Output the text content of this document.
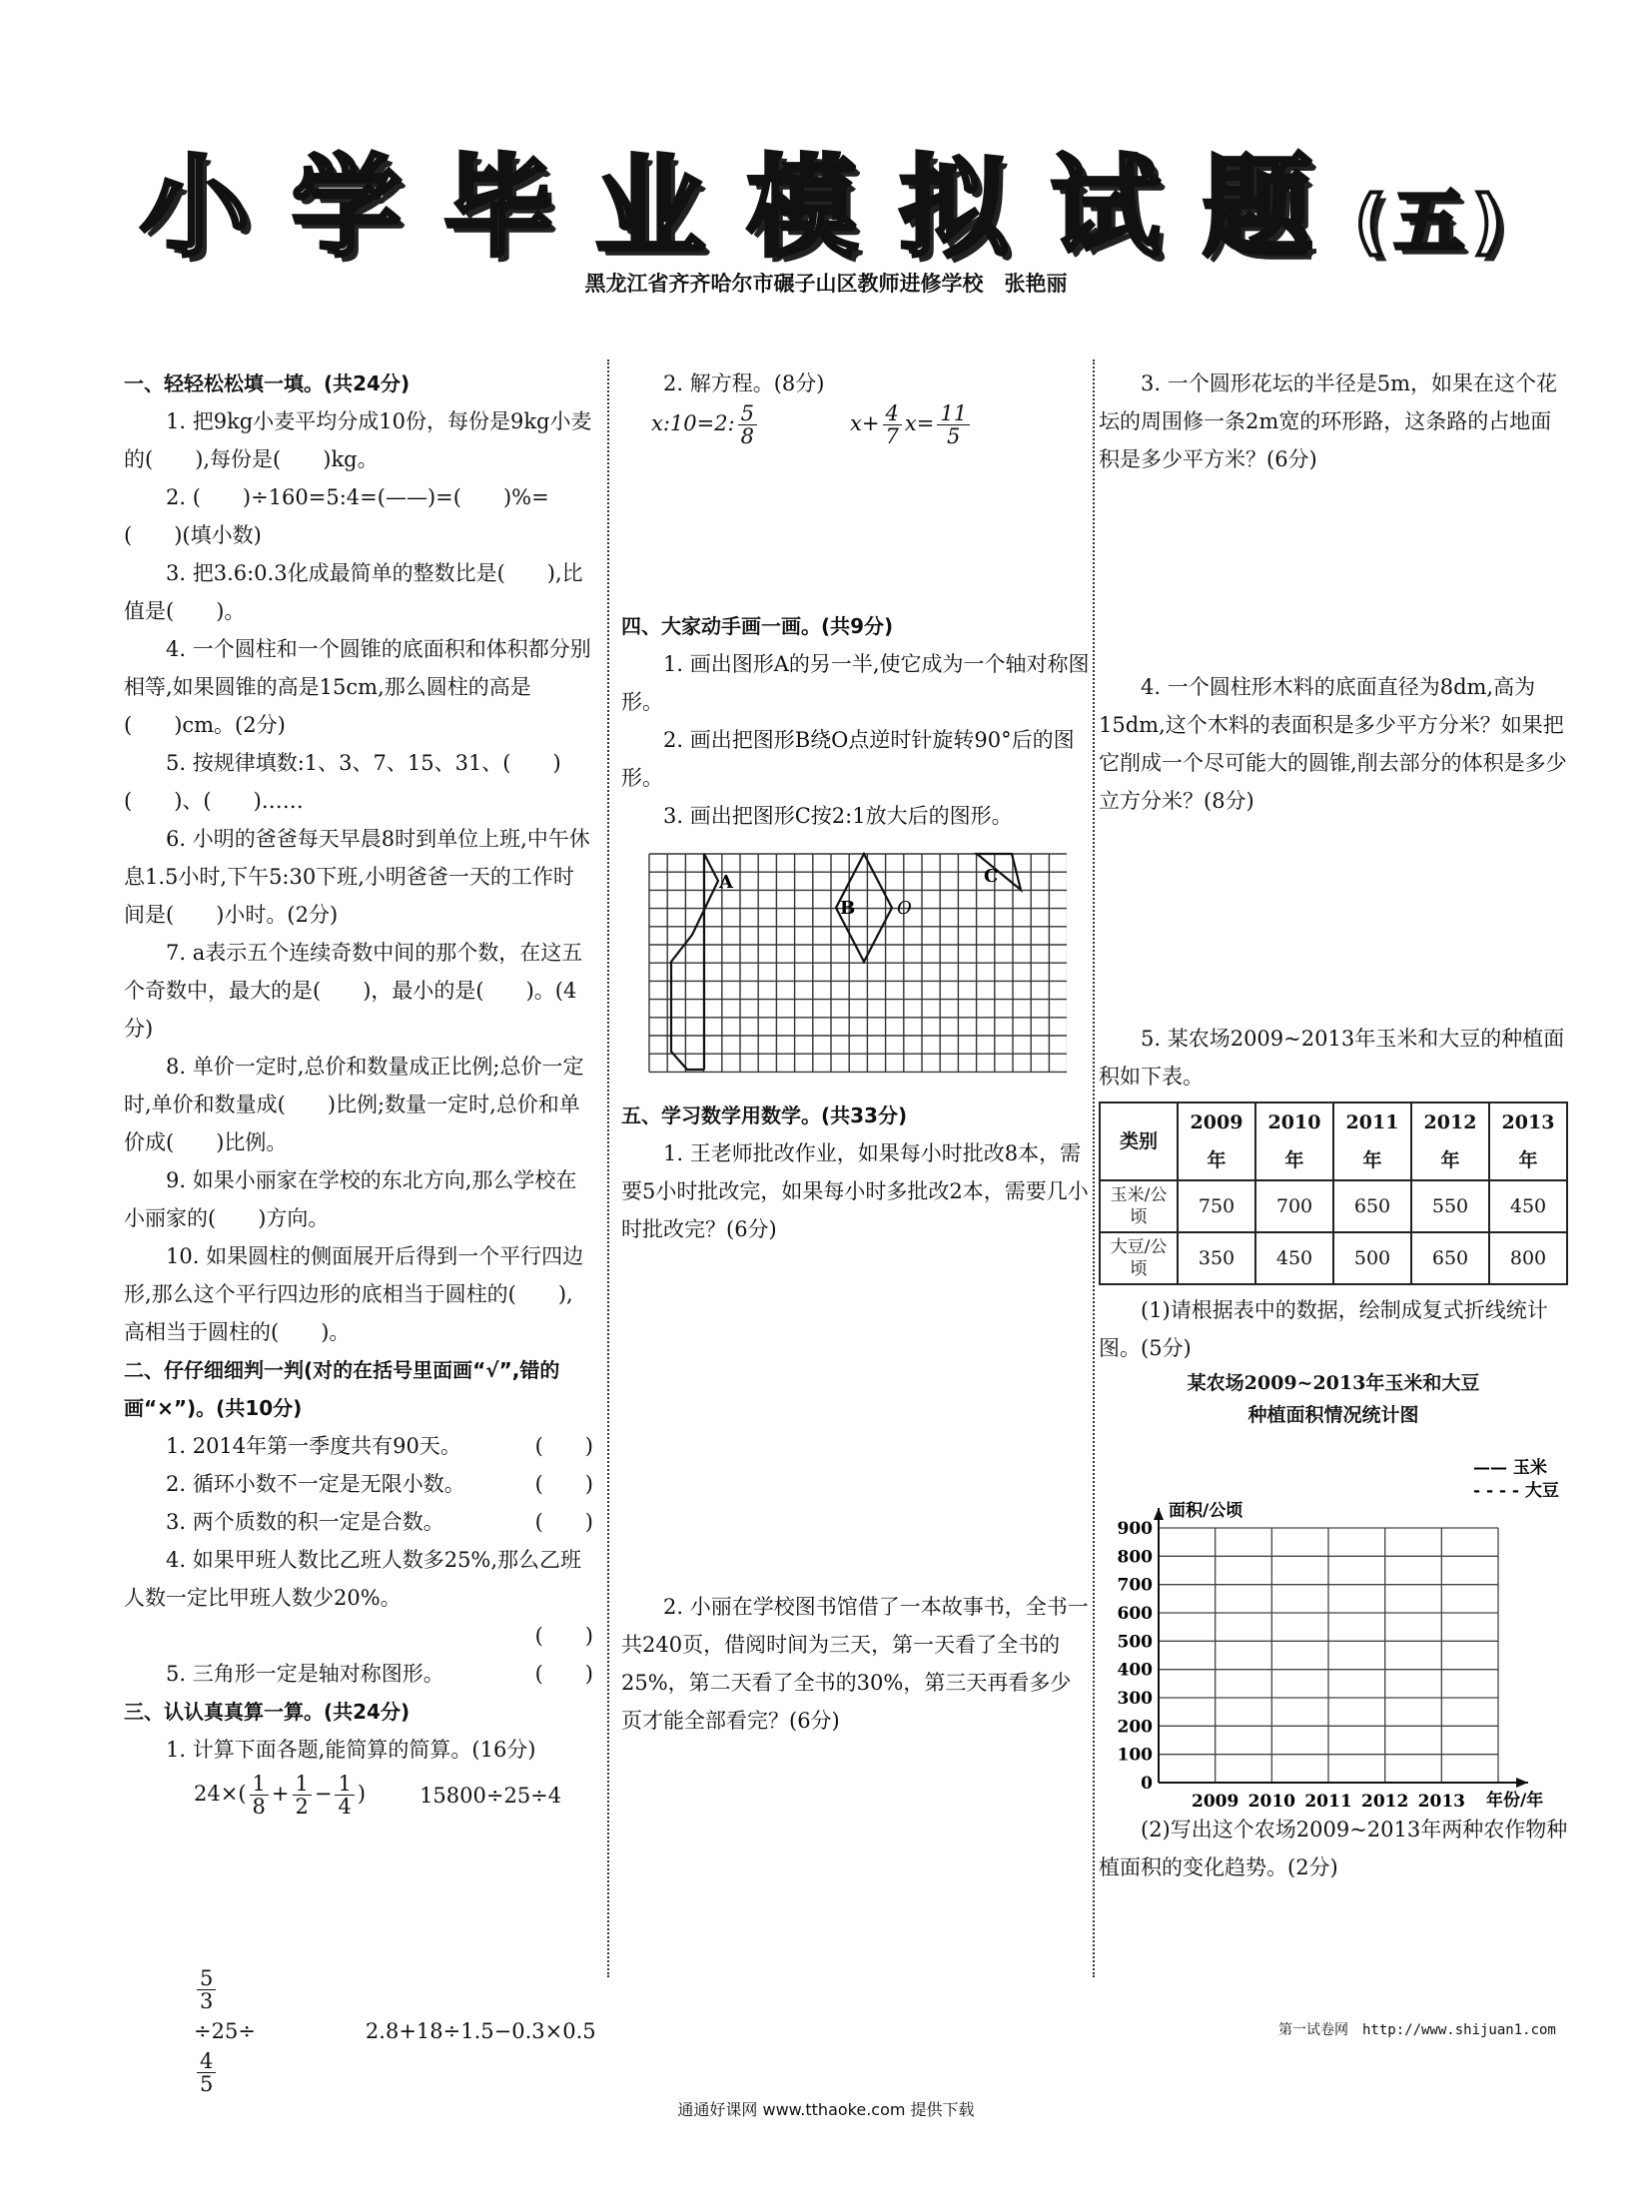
小学毕业模拟试题(五)
黑龙江省齐齐哈尔市碾子山区教师进修学校　张艳丽
一、轻轻松松填一填。(共24分)

1. 把9kg小麦平均分成10份，每份是9kg小麦的(　　),每份是(　　)kg。

2. (　　)÷160=5:4=(——)=(　　)%=(　　)(填小数)

3. 把3.6:0.3化成最简单的整数比是(　　),比值是(　　)。

4. 一个圆柱和一个圆锥的底面积和体积都分别相等,如果圆锥的高是15cm,那么圆柱的高是(　　)cm。(2分)

5. 按规律填数:1、3、7、15、31、(　　)(　　)、(　　)……

6. 小明的爸爸每天早晨8时到单位上班,中午休息1.5小时,下午5:30下班,小明爸爸一天的工作时间是(　　)小时。(2分)

7. a表示五个连续奇数中间的那个数，在这五个奇数中，最大的是(　　)，最小的是(　　)。(4分)

8. 单价一定时,总价和数量成正比例;总价一定时,单价和数量成(　　)比例;数量一定时,总价和单价成(　　)比例。

9. 如果小丽家在学校的东北方向,那么学校在小丽家的(　　)方向。

10. 如果圆柱的侧面展开后得到一个平行四边形,那么这个平行四边形的底相当于圆柱的(　　),高相当于圆柱的(　　)。

二、仔仔细细判一判(对的在括号里面画“√”,错的画“×”)。(共10分)
1. 2014年第一季度共有90天。	(　　)
2. 循环小数不一定是无限小数。	(　　)
3. 两个质数的积一定是合数。	(　　)

4. 如果甲班人数比乙班人数多25%,那么乙班人数一定比甲班人数少20%。

(　　)
5. 三角形一定是轴对称图形。	(　　)
三、认认真真算一算。(共24分)

1. 计算下面各题,能简算的简算。(16分)

$24\times( \frac{1}{8} + \frac{1}{2} - \frac{1}{4}$ )	15800÷25÷4
$\frac{5}{3}$
÷25÷
$\frac{4}{5}$
2.8+18÷1.5−0.3×0.5

2. 解方程。(8分)

x:10=2: $\frac{5}{8}$	$x+ \frac{4}{7} x= \frac{11}{5}$
四、大家动手画一画。(共9分)

1. 画出图形A的另一半,使它成为一个轴对称图形。

2. 画出把图形B绕O点逆时针旋转90°后的图形。

3. 画出把图形C按2:1放大后的图形。

五、学习数学用数学。(共33分)

1. 王老师批改作业，如果每小时批改8本，需要5小时批改完，如果每小时多批改2本，需要几小时批改完？(6分)

2. 小丽在学校图书馆借了一本故事书，全书一共240页，借阅时间为三天，第一天看了全书的25%，第二天看了全书的30%，第三天再看多少页才能全部看完？(6分)

A
B O
C

3. 一个圆形花坛的半径是5m，如果在这个花坛的周围修一条2m宽的环形路，这条路的占地面积是多少平方米？(6分)

4. 一个圆柱形木料的底面直径为8dm,高为15dm,这个木料的表面积是多少平方分米？如果把它削成一个尽可能大的圆锥,削去部分的体积是多少立方分米？(8分)

5. 某农场2009~2013年玉米和大豆的种植面积如下表。

类别	2009年	2010年	2011年	2012年	2013年
玉米/公顷	750	700	650	550	450
大豆/公顷	350	450	500	650	800

(1)请根据表中的数据，绘制成复式折线统计图。(5分)

某农场2009~2013年玉米和大豆
种植面积情况统计图

(2)写出这个农场2009~2013年两种农作物种植面积的变化趋势。(2分)

—— 玉米
- - - - 大豆
面积/公顷
年份/年
900
800
700
600
500
400
300
200
100
0
2009 2010 2011 2012 2013
第一试卷网　 http://www.shijuan1.com
通通好课网 www.tthaoke.com 提供下载
